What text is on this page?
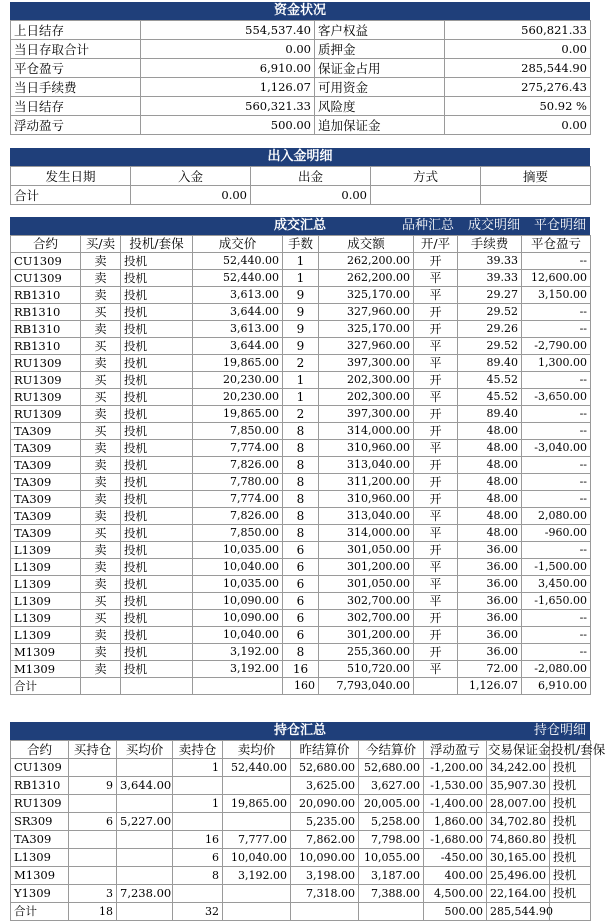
资金状况
上日结存	554,537.40	客户权益	560,821.33
当日存取合计	0.00	质押金	0.00
平仓盈亏	6,910.00	保证金占用	285,544.90
当日手续费	1,126.07	可用资金	275,276.43
当日结存	560,321.33	风险度	50.92 %
浮动盈亏	500.00	追加保证金	0.00
出入金明细
发生日期	入金	出金	方式	摘要
合计	0.00	0.00		
成交汇总	品种汇总 成交明细 平仓明细
合约	买/卖	投机/套保	成交价	手数	成交额	开/平	手续费	平仓盈亏
CU1309	卖	投机	52,440.00	1	262,200.00	开	39.33	--
CU1309	卖	投机	52,440.00	1	262,200.00	平	39.33	12,600.00
RB1310	卖	投机	3,613.00	9	325,170.00	平	29.27	3,150.00
RB1310	买	投机	3,644.00	9	327,960.00	开	29.52	--
RB1310	卖	投机	3,613.00	9	325,170.00	开	29.26	--
RB1310	买	投机	3,644.00	9	327,960.00	平	29.52	-2,790.00
RU1309	卖	投机	19,865.00	2	397,300.00	平	89.40	1,300.00
RU1309	买	投机	20,230.00	1	202,300.00	开	45.52	--
RU1309	买	投机	20,230.00	1	202,300.00	平	45.52	-3,650.00
RU1309	卖	投机	19,865.00	2	397,300.00	开	89.40	--
TA309	买	投机	7,850.00	8	314,000.00	开	48.00	--
TA309	卖	投机	7,774.00	8	310,960.00	平	48.00	-3,040.00
TA309	卖	投机	7,826.00	8	313,040.00	开	48.00	--
TA309	卖	投机	7,780.00	8	311,200.00	开	48.00	--
TA309	卖	投机	7,774.00	8	310,960.00	开	48.00	--
TA309	卖	投机	7,826.00	8	313,040.00	平	48.00	2,080.00
TA309	买	投机	7,850.00	8	314,000.00	平	48.00	-960.00
L1309	卖	投机	10,035.00	6	301,050.00	开	36.00	--
L1309	卖	投机	10,040.00	6	301,200.00	平	36.00	-1,500.00
L1309	卖	投机	10,035.00	6	301,050.00	平	36.00	3,450.00
L1309	买	投机	10,090.00	6	302,700.00	平	36.00	-1,650.00
L1309	买	投机	10,090.00	6	302,700.00	开	36.00	--
L1309	卖	投机	10,040.00	6	301,200.00	开	36.00	--
M1309	卖	投机	3,192.00	8	255,360.00	开	36.00	--
M1309	卖	投机	3,192.00	16	510,720.00	平	72.00	-2,080.00
合计				160	7,793,040.00		1,126.07	6,910.00
持仓汇总	持仓明细
合约	买持仓	买均价	卖持仓	卖均价	昨结算价	今结算价	浮动盈亏	交易保证金	投机/套保
CU1309			1	52,440.00	52,680.00	52,680.00	-1,200.00	34,242.00	投机
RB1310	9	3,644.00			3,625.00	3,627.00	-1,530.00	35,907.30	投机
RU1309			1	19,865.00	20,090.00	20,005.00	-1,400.00	28,007.00	投机
SR309	6	5,227.00			5,235.00	5,258.00	1,860.00	34,702.80	投机
TA309			16	7,777.00	7,862.00	7,798.00	-1,680.00	74,860.80	投机
L1309			6	10,040.00	10,090.00	10,055.00	-450.00	30,165.00	投机
M1309			8	3,192.00	3,198.00	3,187.00	400.00	25,496.00	投机
Y1309	3	7,238.00			7,318.00	7,388.00	4,500.00	22,164.00	投机
合计	18		32				500.00	285,544.90	
